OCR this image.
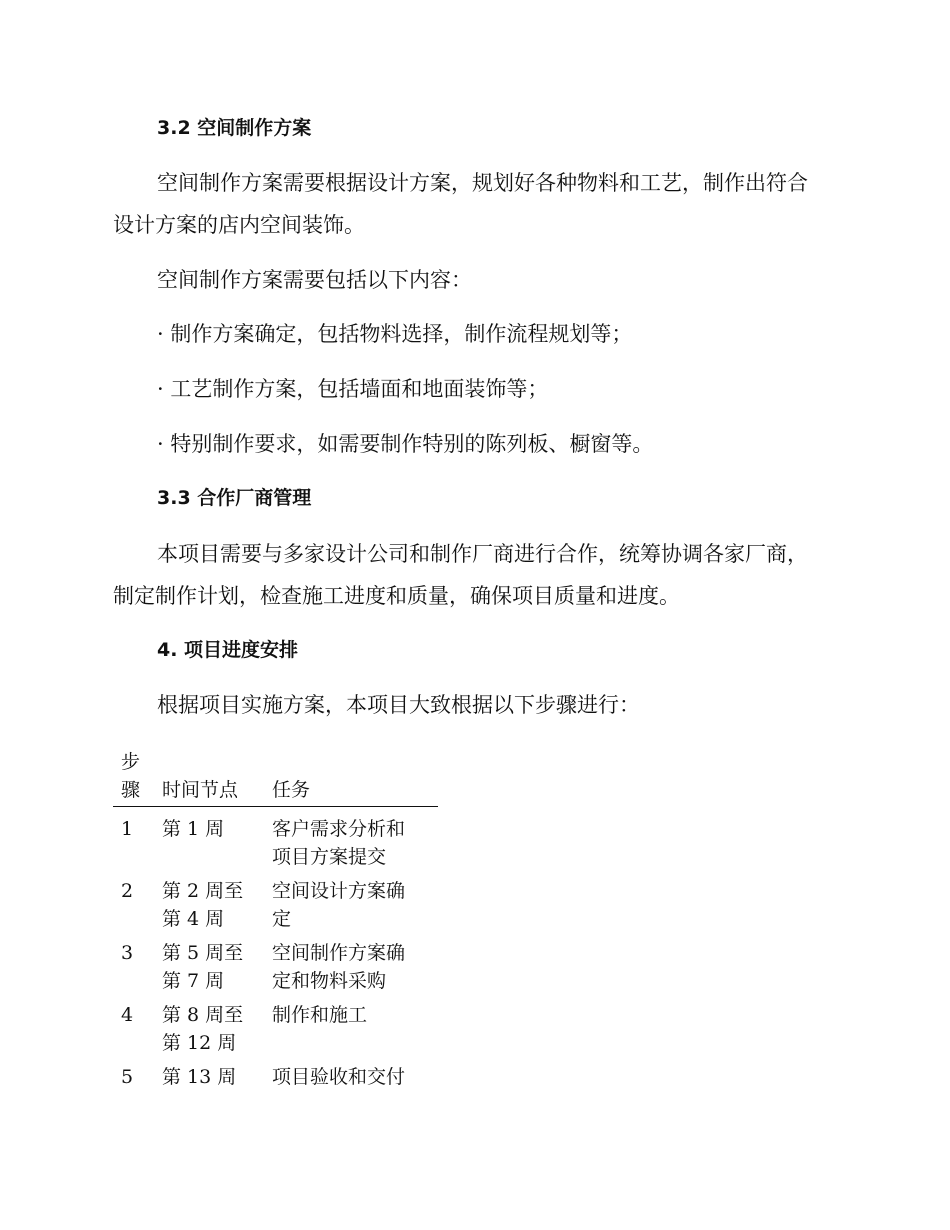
3.2 空间制作方案
空间制作方案需要根据设计方案，规划好各种物料和工艺，制作出符合
设计方案的店内空间装饰。
空间制作方案需要包括以下内容：
· 制作方案确定，包括物料选择，制作流程规划等；
· 工艺制作方案，包括墙面和地面装饰等；
· 特别制作要求，如需要制作特别的陈列板、橱窗等。
3.3 合作厂商管理
本项目需要与多家设计公司和制作厂商进行合作，统筹协调各家厂商，
制定制作计划，检查施工进度和质量，确保项目质量和进度。
4. 项目进度安排
根据项目实施方案，本项目大致根据以下步骤进行：
步
骤	时间节点	任务
1	第 1 周	客户需求分析和
项目方案提交

2	第 2 周至
第 4 周	空间设计方案确
定

3	第 5 周至
第 7 周	空间制作方案确
定和物料采购

4	第 8 周至
第 12 周	制作和施工

5	第 13 周	项目验收和交付
